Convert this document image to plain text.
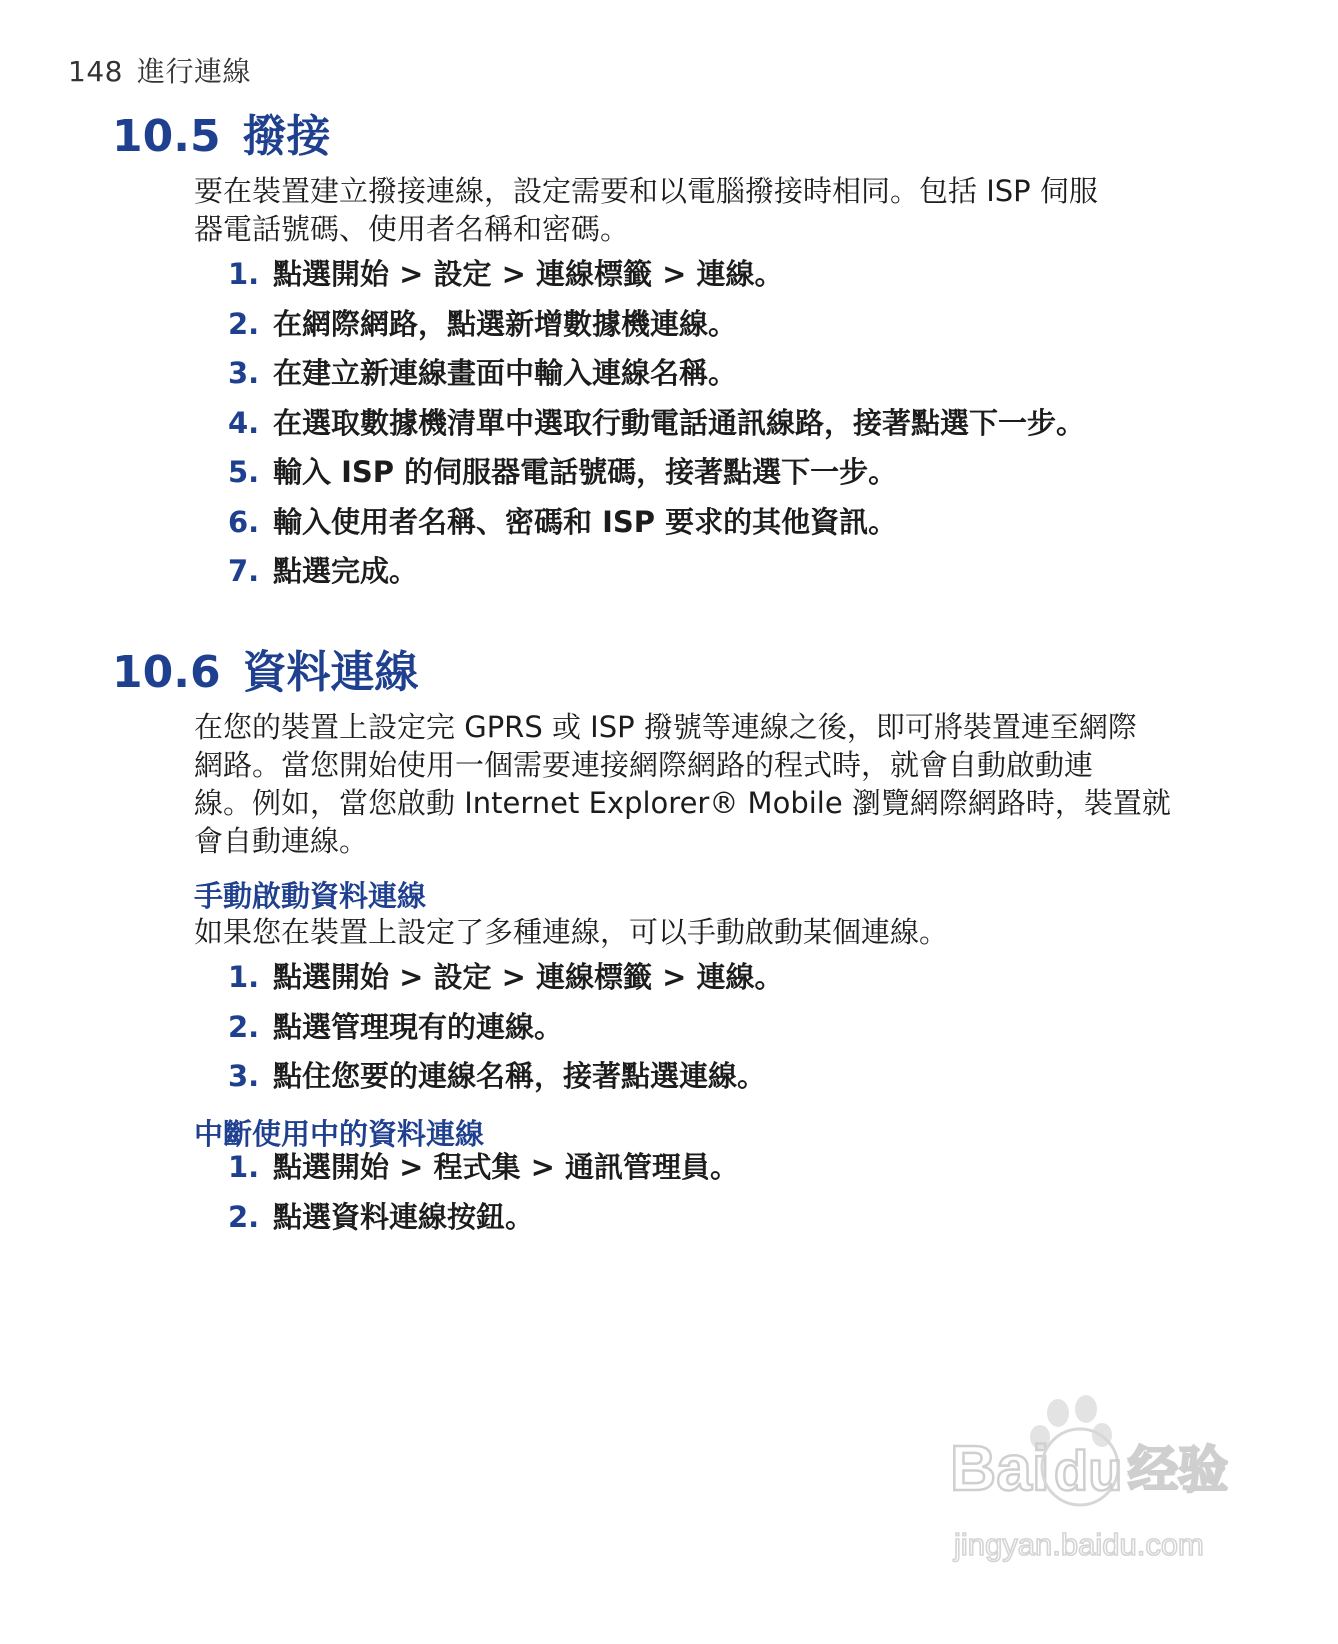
148 進行連線
10.5 撥接
要在裝置建立撥接連線，設定需要和以電腦撥接時相同。包括 ISP 伺服
器電話號碼、使用者名稱和密碼。
1. 點選開始 > 設定 > 連線標籤 > 連線。
2. 在網際網路，點選新增數據機連線。
3. 在建立新連線畫面中輸入連線名稱。
4. 在選取數據機清單中選取行動電話通訊線路，接著點選下一步。
5. 輸入 ISP 的伺服器電話號碼，接著點選下一步。
6. 輸入使用者名稱、密碼和 ISP 要求的其他資訊。
7. 點選完成。
10.6 資料連線
在您的裝置上設定完 GPRS 或 ISP 撥號等連線之後，即可將裝置連至網際
網路。當您開始使用一個需要連接網際網路的程式時，就會自動啟動連
線。例如，當您啟動 Internet Explorer® Mobile 瀏覽網際網路時，裝置就
會自動連線。
手動啟動資料連線
如果您在裝置上設定了多種連線，可以手動啟動某個連線。
1. 點選開始 > 設定 > 連線標籤 > 連線。
2. 點選管理現有的連線。
3. 點住您要的連線名稱，接著點選連線。
中斷使用中的資料連線
1. 點選開始 > 程式集 > 通訊管理員。
2. 點選資料連線按鈕。
Bai du 经验
jingyan.baidu.com
